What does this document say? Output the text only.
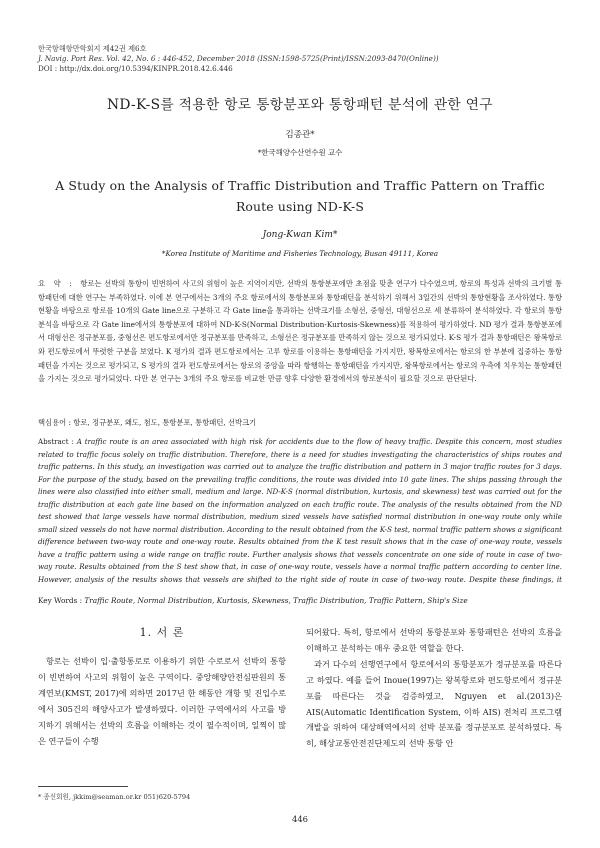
한국항해항만학회지 제42권 제6호
J. Navig. Port Res. Vol. 42, No. 6 : 446-452, December 2018 (ISSN:1598-5725(Print)/ISSN:2093-8470(Online))
DOI : http://dx.doi.org/10.5394/KINPR.2018.42.6.446
ND-K-S를 적용한 항로 통항분포와 통항패턴 분석에 관한 연구
김종관*
*한국해양수산연수원 교수
A Study on the Analysis of Traffic Distribution and Traffic Pattern on Traffic Route using ND-K-S
Jong-Kwan Kim*
*Korea Institute of Maritime and Fisheries Technology, Busan 49111, Korea
요 약 : 항로는 선박의 통항이 빈번하여 사고의 위험이 높은 지역이지만, 선박의 통항분포에만 초점을 맞춘 연구가 다수였으며, 항로의 특성과 선박의 크기별 통항패턴에 대한 연구는 부족하였다. 이에 본 연구에서는 3개의 주요 항로에서의 통항분포와 통항패턴을 분석하기 위해서 3일간의 선박의 통항현황을 조사하였다. 통항현황을 바탕으로 항로를 10개의 Gate line으로 구분하고 각 Gate line을 통과하는 선박크기를 소형선, 중형선, 대형선으로 세 분류하여 분석하였다. 각 항로의 통항분석을 바탕으로 각 Gate line에서의 통항분포에 대하여 ND-K-S(Normal Distribution-Kurtosis-Skewness)를 적용하여 평가하였다. ND 평가 결과 통항분포에서 대형선은 정규분포를, 중형선은 편도항로에서만 정규분포를 만족하고, 소형선은 정규분포를 만족하지 않는 것으로 평가되었다. K-S 평가 결과 통항패턴은 왕복항로와 편도항로에서 뚜렷한 구분을 보였다. K 평가의 결과 편도항로에서는 고루 항로를 이용하는 통항패턴을 가지지만, 왕복항로에서는 항로의 한 부분에 집중하는 통항패턴을 가지는 것으로 평가되고, S 평가의 결과 편도항로에서는 항로의 중앙을 따라 항행하는 통항패턴을 가지지만, 왕복항로에서는 항로의 우측에 치우치는 통항패턴을 가지는 것으로 평가되었다. 다만 본 연구는 3개의 주요 항로를 비교한 만큼 향후 다양한 환경에서의 항로분석이 필요할 것으로 판단된다.
핵심용어 : 항로, 정규분포, 왜도, 첨도, 통항분포, 통항패턴, 선박크기
Abstract : A traffic route is an area associated with high risk for accidents due to the flow of heavy traffic. Despite this concern, most studies related to traffic focus solely on traffic distribution. Therefore, there is a need for studies investigating the characteristics of ships routes and traffic patterns. In this study, an investigation was carried out to analyze the traffic distribution and pattern in 3 major traffic routes for 3 days. For the purpose of the study, based on the prevailing traffic conditions, the route was divided into 10 gate lines. The ships passing through the lines were also classified into either small, medium and large. ND-K-S (normal distribution, kurtosis, and skewness) test was carried out for the traffic distribution at each gate line based on the information analyzed on each traffic route. The analysis of the results obtained from the ND test showed that large vessels have normal distribution, medium sized vessels have satisfied normal distribution in one-way route only while small sized vessels do not have normal distribution. According to the result obtained from the K-S test, normal traffic pattern shows a significant difference between two-way route and one-way route. Results obtained from the K test result shows that in the case of one-way route, vessels have a traffic pattern using a wide range on traffic route. Further analysis shows that vessels concentrate on one side of route in case of two-way route. Results obtained from the S test show that, in case of one-way route, vessels have a normal traffic pattern according to center line. However, analysis of the results shows that vessels are shifted to the right side of route in case of two-way route. Despite these findings, it
Key Words : Traffic Route, Normal Distribution, Kurtosis, Skewness, Traffic Distribution, Traffic Pattern, Ship's Size
1. 서 론
항로는 선박이 입·출항통로로 이용하기 위한 수로로서 선박의 통항이 빈번하여 사고의 위험이 높은 구역이다. 중앙해양안전심판원의 통계연보(KMST, 2017)에 의하면 2017년 한 해동안 개항 및 진입수로에서 305건의 해양사고가 발생하였다. 이러한 구역에서의 사고를 방지하기 위해서는 선박의 흐름을 이해하는 것이 필수적이며, 일찍이 많은 연구들이 수행
되어왔다. 특히, 항로에서 선박의 통항분포와 통항패턴은 선박의 흐름을 이해하고 분석하는 매우 중요한 역할을 한다.
과거 다수의 선행연구에서 항로에서의 통항분포가 정규분포를 따른다고 하였다. 예를 들어 Inoue(1997)는 왕복항로와 편도항로에서 정규분포를 따른다는 것을 검증하였고, Nguyen et al.(2013)은 AIS(Automatic Identification System, 이하 AIS) 전처리 프로그램 개발을 위하여 대상해역에서의 선박 분포를 정규분포로 분석하였다. 특히, 해상교통안전진단제도의 선박 통항 안
* 종신회원, jkkim@seaman.or.kr 051)620-5794
446
